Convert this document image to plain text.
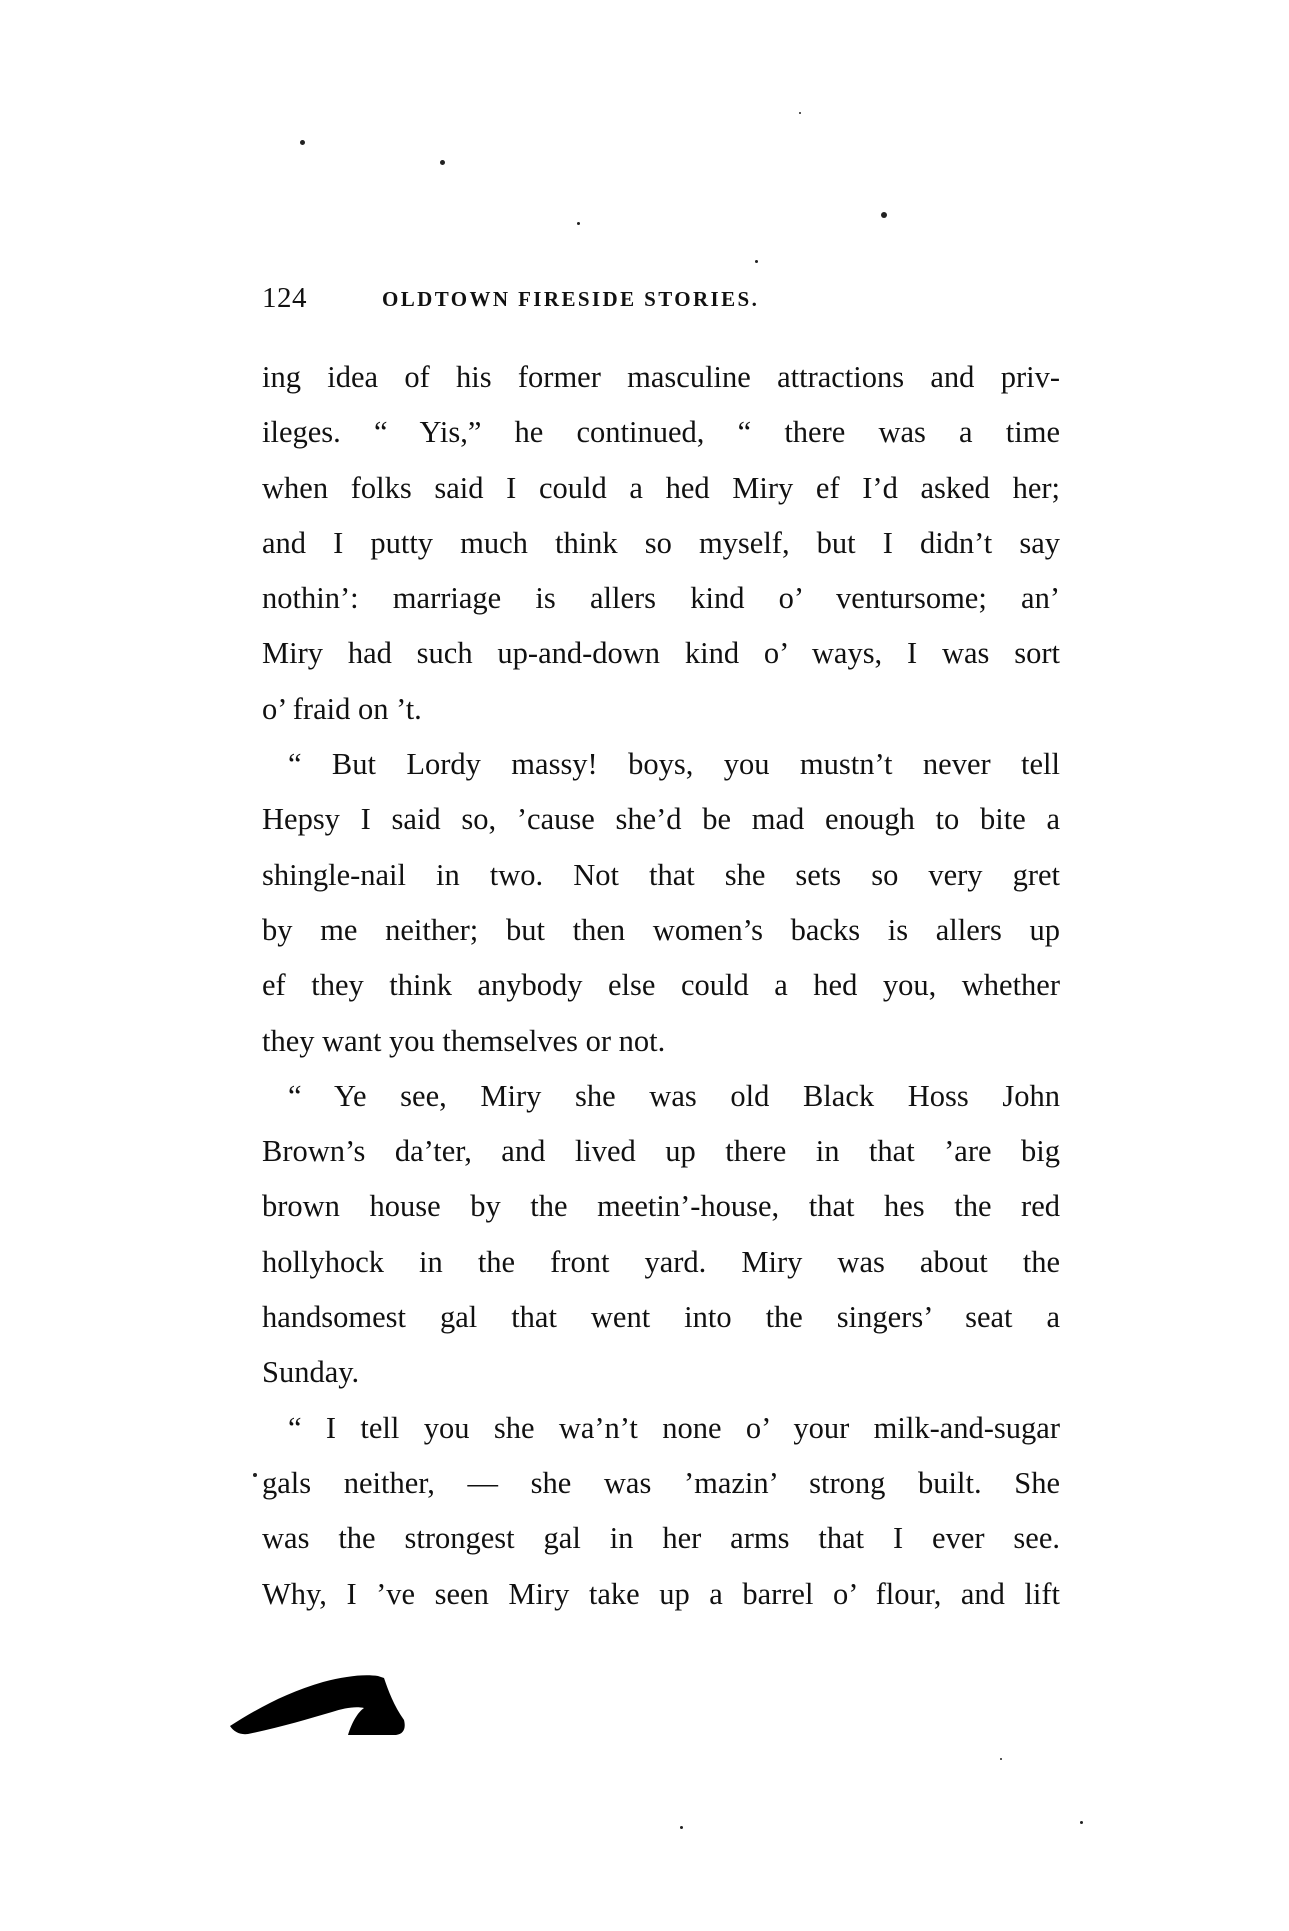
124	OLDTOWN FIRESIDE STORIES.
ing idea of his former masculine attractions and priv-
ileges. “ Yis,” he continued, “ there was a time
when folks said I could a hed Miry ef I’d asked her;
and I putty much think so myself, but I didn’t say
nothin’: marriage is allers kind o’ ventursome; an’
Miry had such up-and-down kind o’ ways, I was sort
o’ fraid on ’t.
“ But Lordy massy! boys, you mustn’t never tell
Hepsy I said so, ’cause she’d be mad enough to bite a
shingle-nail in two. Not that she sets so very gret
by me neither; but then women’s backs is allers up
ef they think anybody else could a hed you, whether
they want you themselves or not.
“ Ye see, Miry she was old Black Hoss John
Brown’s da’ter, and lived up there in that ’are big
brown house by the meetin’-house, that hes the red
hollyhock in the front yard. Miry was about the
handsomest gal that went into the singers’ seat a
Sunday.
“ I tell you she wa’n’t none o’ your milk-and-sugar
gals neither, — she was ’mazin’ strong built. She
was the strongest gal in her arms that I ever see.
Why, I ’ve seen Miry take up a barrel o’ flour, and lift
